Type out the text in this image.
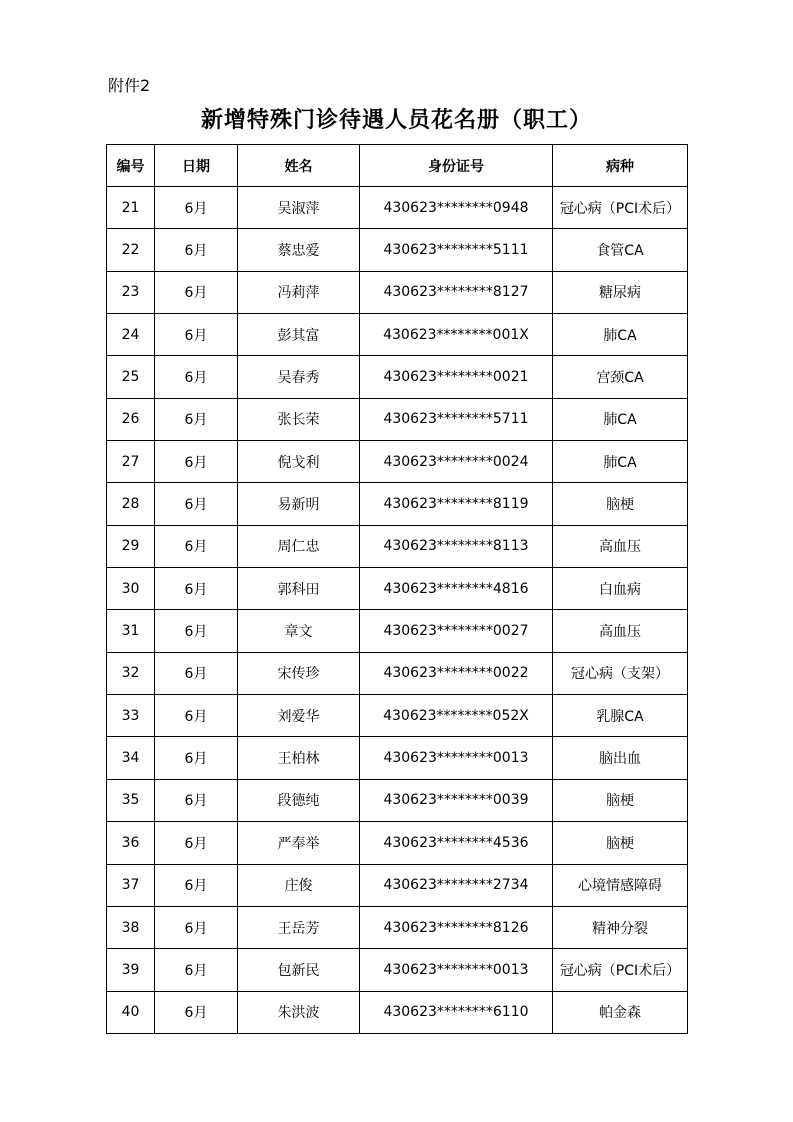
附件2
新增特殊门诊待遇人员花名册（职工）
编号	日期	姓名	身份证号	病种
21	6月	吴淑萍	430623********0948	冠心病（PCI术后）
22	6月	蔡忠爱	430623********5111	食管CA
23	6月	冯莉萍	430623********8127	糖尿病
24	6月	彭其富	430623********001X	肺CA
25	6月	吴春秀	430623********0021	宫颈CA
26	6月	张长荣	430623********5711	肺CA
27	6月	倪戈利	430623********0024	肺CA
28	6月	易新明	430623********8119	脑梗
29	6月	周仁忠	430623********8113	高血压
30	6月	郭科田	430623********4816	白血病
31	6月	章文	430623********0027	高血压
32	6月	宋传珍	430623********0022	冠心病（支架）
33	6月	刘爱华	430623********052X	乳腺CA
34	6月	王柏林	430623********0013	脑出血
35	6月	段德纯	430623********0039	脑梗
36	6月	严奉举	430623********4536	脑梗
37	6月	庄俊	430623********2734	心境情感障碍
38	6月	王岳芳	430623********8126	精神分裂
39	6月	包新民	430623********0013	冠心病（PCI术后）
40	6月	朱洪波	430623********6110	帕金森
